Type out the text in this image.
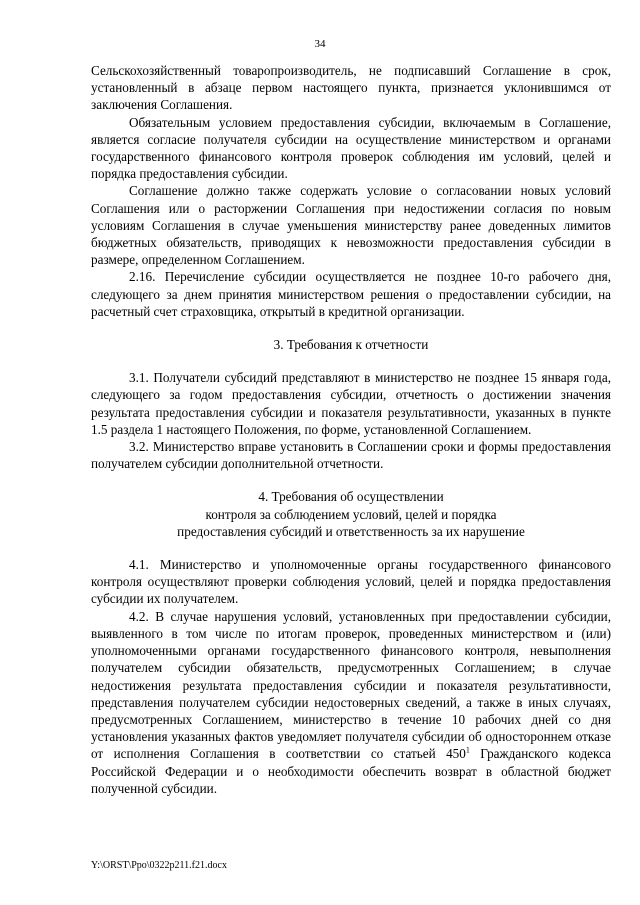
34

Сельскохозяйственный товаропроизводитель, не подписавший Соглашение в срок, установленный в абзаце первом настоящего пункта, признается уклонившимся от заключения Соглашения.

Обязательным условием предоставления субсидии, включаемым в Соглашение, является согласие получателя субсидии на осуществление министерством и органами государственного финансового контроля проверок соблюдения им условий, целей и порядка предоставления субсидии.

Соглашение должно также содержать условие о согласовании новых условий Соглашения или о расторжении Соглашения при недостижении согласия по новым условиям Соглашения в случае уменьшения министерству ранее доведенных лимитов бюджетных обязательств, приводящих к невозможности предоставления субсидии в размере, определенном Соглашением.

2.16. Перечисление субсидии осуществляется не позднее 10-го рабочего дня, следующего за днем принятия министерством решения о предоставлении субсидии, на расчетный счет страховщика, открытый в кредитной организации.

3. Требования к отчетности

3.1. Получатели субсидий представляют в министерство не позднее 15 января года, следующего за годом предоставления субсидии, отчетность о достижении значения результата предоставления субсидии и показателя результативности, указанных в пункте 1.5 раздела 1 настоящего Положения, по форме, установленной Соглашением.

3.2. Министерство вправе установить в Соглашении сроки и формы предоставления получателем субсидии дополнительной отчетности.

4. Требования об осуществлении

контроля за соблюдением условий, целей и порядка

предоставления субсидий и ответственность за их нарушение

4.1. Министерство и уполномоченные органы государственного финансового контроля осуществляют проверки соблюдения условий, целей и порядка предоставления субсидии их получателем.

4.2. В случае нарушения условий, установленных при предоставлении субсидии, выявленного в том числе по итогам проверок, проведенных министерством и (или) уполномоченными органами государственного финансового контроля, невыполнения получателем субсидии обязательств, предусмотренных Соглашением; в случае недостижения результата предоставления субсидии и показателя результативности, представления получателем субсидии недостоверных сведений, а также в иных случаях, предусмотренных Соглашением, министерство в течение 10 рабочих дней со дня установления указанных фактов уведомляет получателя субсидии об одностороннем отказе от исполнения Соглашения в соответствии со статьей $450^1$ Гражданского кодекса Российской Федерации и о необходимости обеспечить возврат в областной бюджет полученной субсидии.

Y:\ORST\Ppo\0322p211.f21.docx
